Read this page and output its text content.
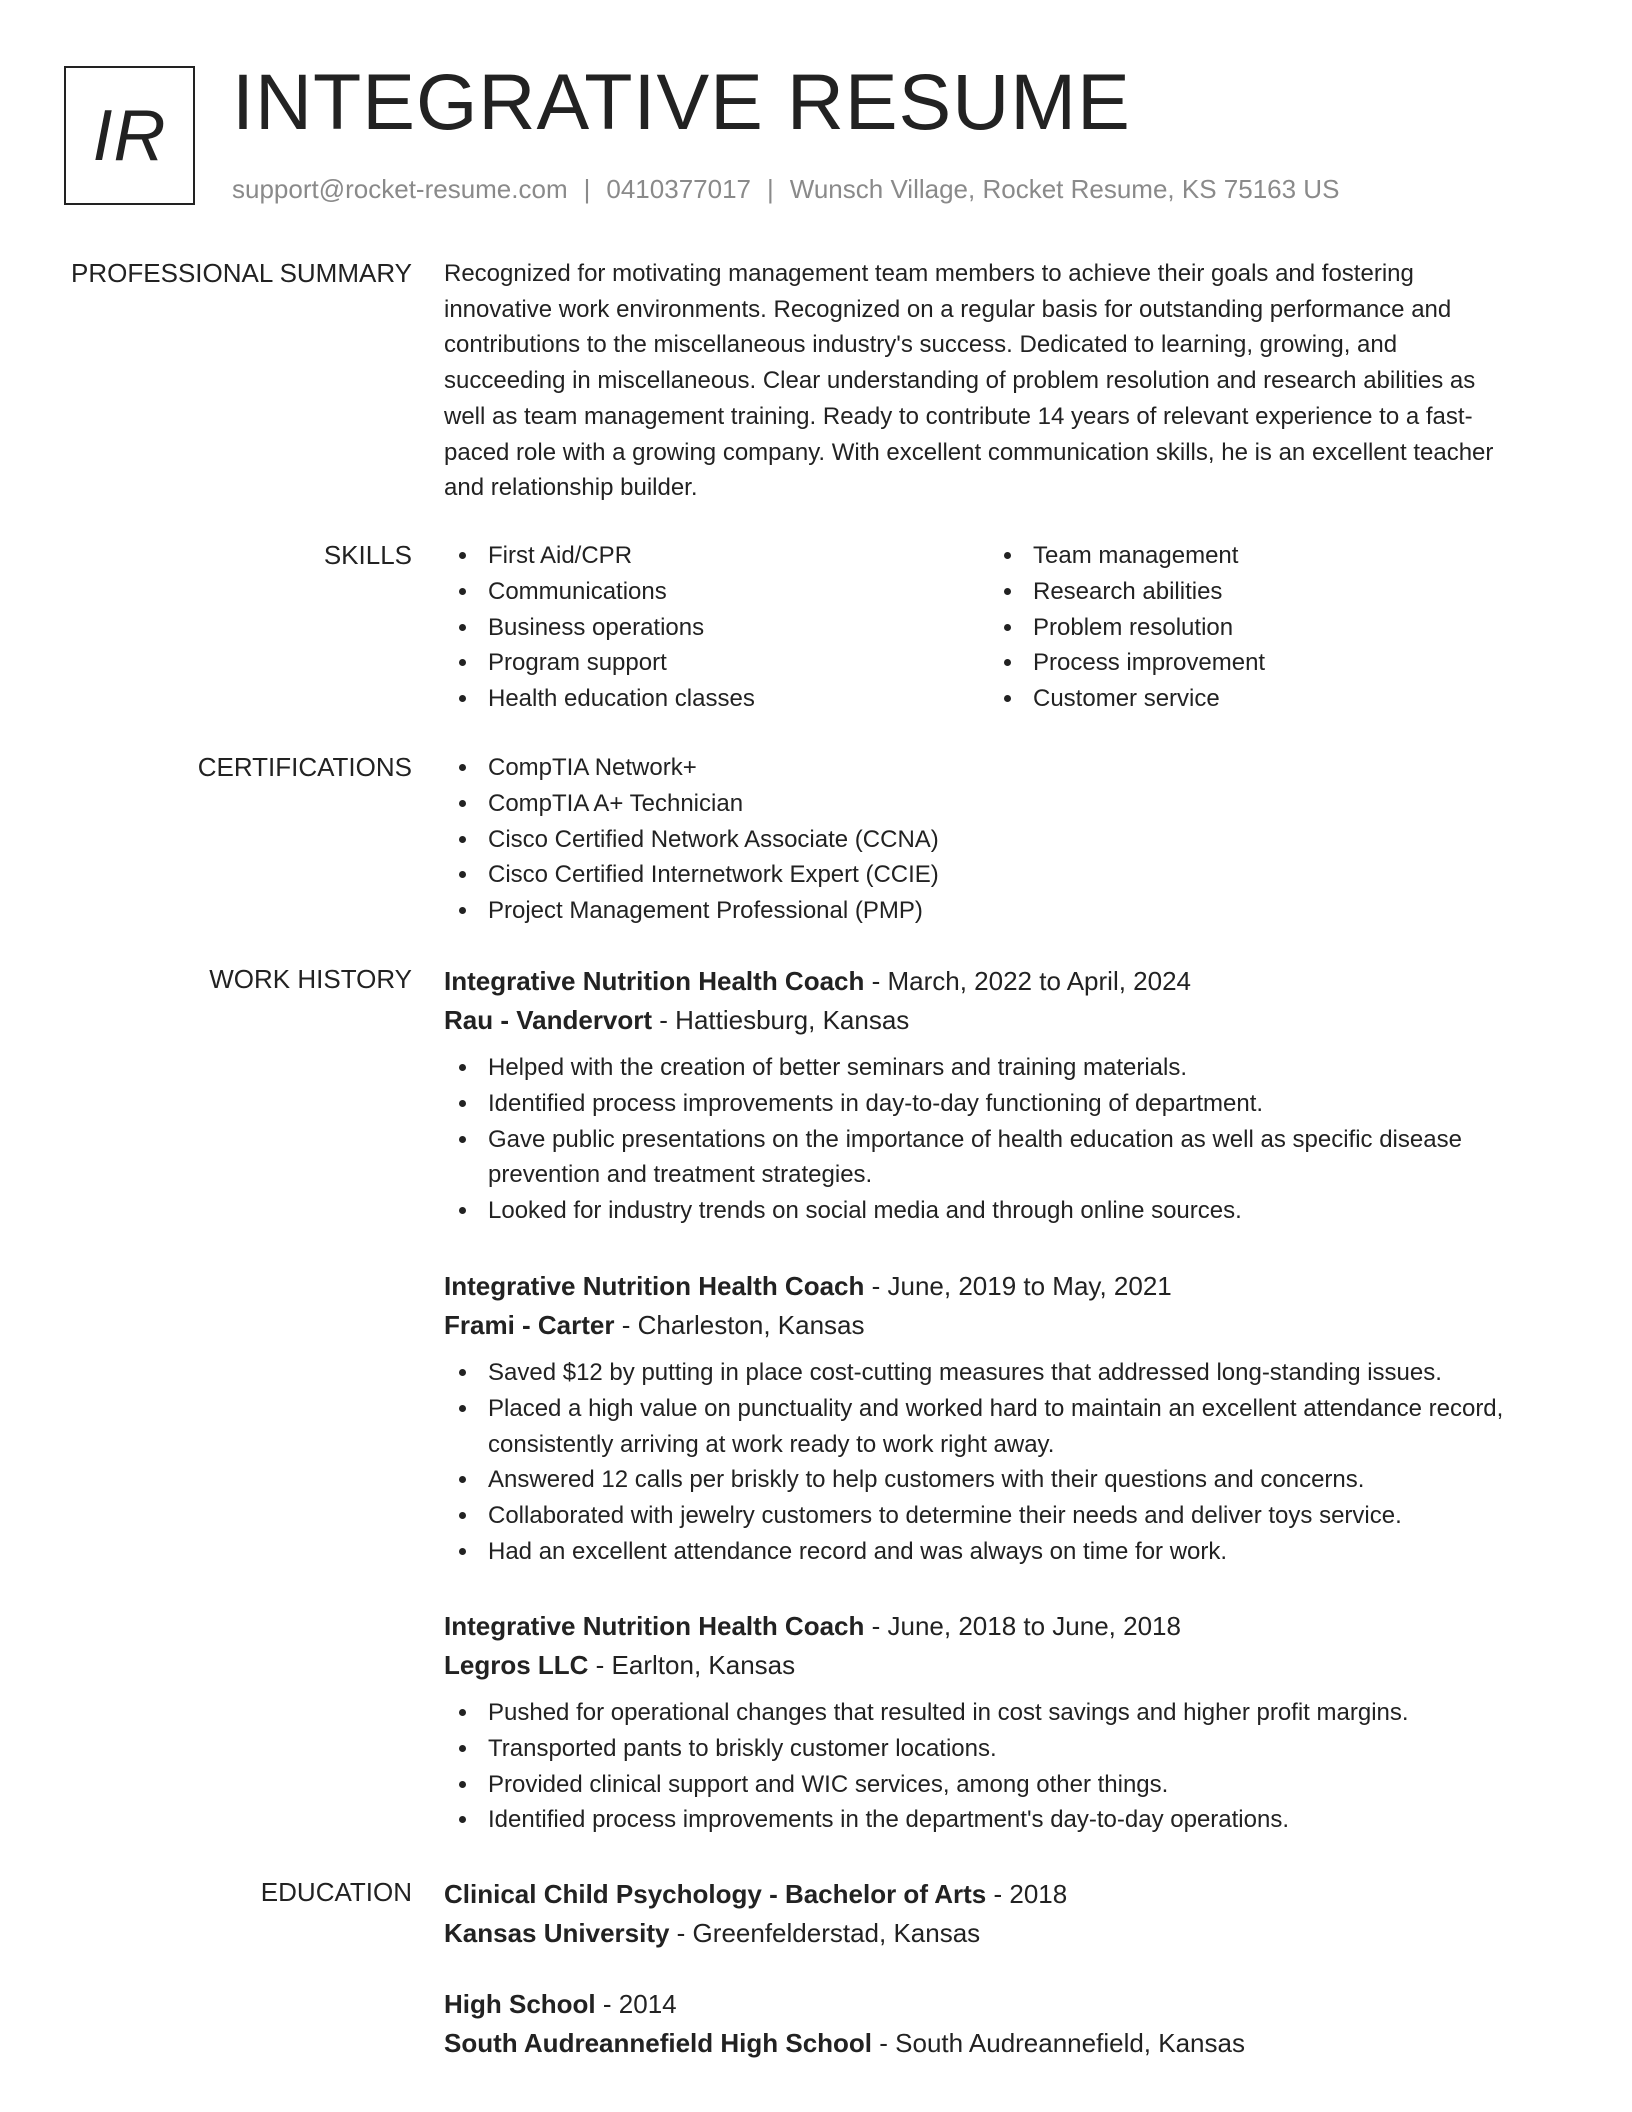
IR INTEGRATIVE RESUME
support@rocket-resume.com | 0410377017 | Wunsch Village, Rocket Resume, KS 75163 US
PROFESSIONAL SUMMARY Recognized for motivating management team members to achieve their goals and fostering

innovative work environments. Recognized on a regular basis for outstanding performance and

contributions to the miscellaneous industry's success. Dedicated to learning, growing, and

succeeding in miscellaneous. Clear understanding of problem resolution and research abilities as

well as team management training. Ready to contribute 14 years of relevant experience to a fast-

paced role with a growing company. With excellent communication skills, he is an excellent teacher

and relationship builder.

SKILLS	First Aid/CPR
Communications
Business operations
Program support
Health education classes
Team management
Research abilities
Problem resolution
Process improvement
Customer service
CERTIFICATIONS	CompTIA Network+
CompTIA A+ Technician
Cisco Certified Network Associate (CCNA)
Cisco Certified Internetwork Expert (CCIE)
Project Management Professional (PMP)
WORK HISTORY Integrative Nutrition Health Coach - March, 2022 to April, 2024
Rau - Vandervort - Hattiesburg, Kansas
Helped with the creation of better seminars and training materials.
Identified process improvements in day-to-day functioning of department.
Gave public presentations on the importance of health education as well as specific disease prevention and treatment strategies.
Looked for industry trends on social media and through online sources.
Integrative Nutrition Health Coach - June, 2019 to May, 2021
Frami - Carter - Charleston, Kansas
Saved $12 by putting in place cost-cutting measures that addressed long-standing issues.
Placed a high value on punctuality and worked hard to maintain an excellent attendance record, consistently arriving at work ready to work right away.
Answered 12 calls per briskly to help customers with their questions and concerns.
Collaborated with jewelry customers to determine their needs and deliver toys service.
Had an excellent attendance record and was always on time for work.
Integrative Nutrition Health Coach - June, 2018 to June, 2018
Legros LLC - Earlton, Kansas
Pushed for operational changes that resulted in cost savings and higher profit margins.
Transported pants to briskly customer locations.
Provided clinical support and WIC services, among other things.
Identified process improvements in the department's day-to-day operations.
EDUCATION Clinical Child Psychology - Bachelor of Arts - 2018
Kansas University - Greenfelderstad, Kansas
High School - 2014
South Audreannefield High School - South Audreannefield, Kansas
